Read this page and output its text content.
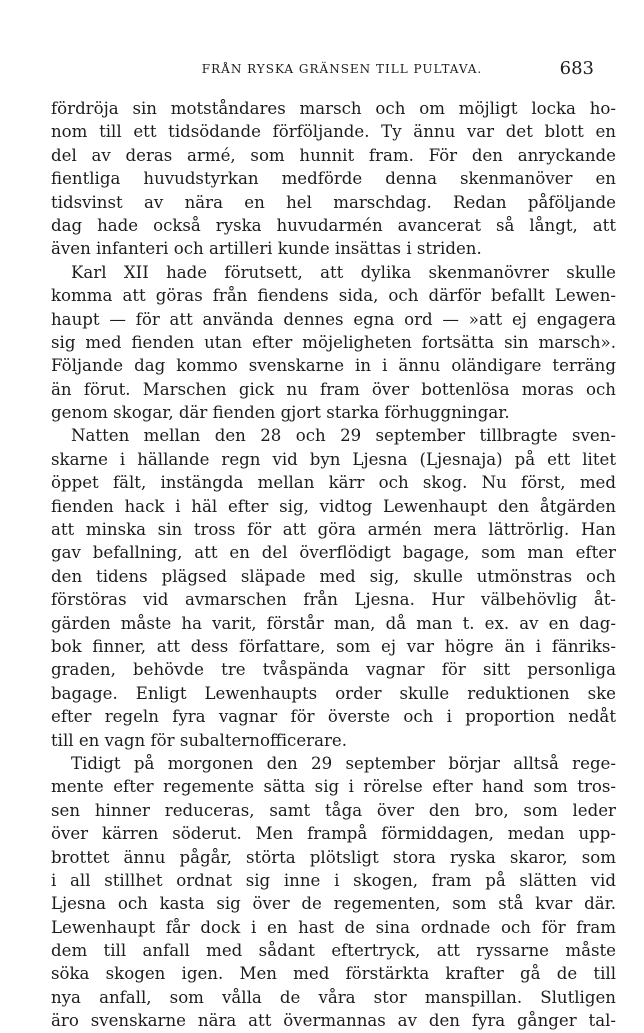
FRÅN RYSKA GRÄNSEN TILL PULTAVA.	683
fördröja sin motståndares marsch och om möjligt locka ho-
nom till ett tidsödande förföljande. Ty ännu var det blott en
del av deras armé, som hunnit fram. För den anryckande
fientliga huvudstyrkan medförde denna skenmanöver en
tidsvinst av nära en hel marschdag. Redan påföljande
dag hade också ryska huvudarmén avancerat så långt, att
även infanteri och artilleri kunde insättas i striden.
Karl XII hade förutsett, att dylika skenmanövrer skulle
komma att göras från fiendens sida, och därför befallt Lewen-
haupt — för att använda dennes egna ord — »att ej engagera
sig med fienden utan efter möjeligheten fortsätta sin marsch».
Följande dag kommo svenskarne in i ännu oländigare terräng
än förut. Marschen gick nu fram över bottenlösa moras och
genom skogar, där fienden gjort starka förhuggningar.
Natten mellan den 28 och 29 september tillbragte sven-
skarne i hällande regn vid byn Ljesna (Ljesnaja) på ett litet
öppet fält, instängda mellan kärr och skog. Nu först, med
fienden hack i häl efter sig, vidtog Lewenhaupt den åtgärden
att minska sin tross för att göra armén mera lättrörlig. Han
gav befallning, att en del överflödigt bagage, som man efter
den tidens plägsed släpade med sig, skulle utmönstras och
förstöras vid avmarschen från Ljesna. Hur välbehövlig åt-
gärden måste ha varit, förstår man, då man t. ex. av en dag-
bok finner, att dess författare, som ej var högre än i fänriks-
graden, behövde tre tvåspända vagnar för sitt personliga
bagage. Enligt Lewenhaupts order skulle reduktionen ske
efter regeln fyra vagnar för överste och i proportion nedåt
till en vagn för subalternofficerare.
Tidigt på morgonen den 29 september börjar alltså rege-
mente efter regemente sätta sig i rörelse efter hand som tros-
sen hinner reduceras, samt tåga över den bro, som leder
över kärren söderut. Men frampå förmiddagen, medan upp-
brottet ännu pågår, störta plötsligt stora ryska skaror, som
i all stillhet ordnat sig inne i skogen, fram på slätten vid
Ljesna och kasta sig över de regementen, som stå kvar där.
Lewenhaupt får dock i en hast de sina ordnade och för fram
dem till anfall med sådant eftertryck, att ryssarne måste
söka skogen igen. Men med förstärkta krafter gå de till
nya anfall, som vålla de våra stor manspillan. Slutligen
äro svenskarne nära att övermannas av den fyra gånger tal-
